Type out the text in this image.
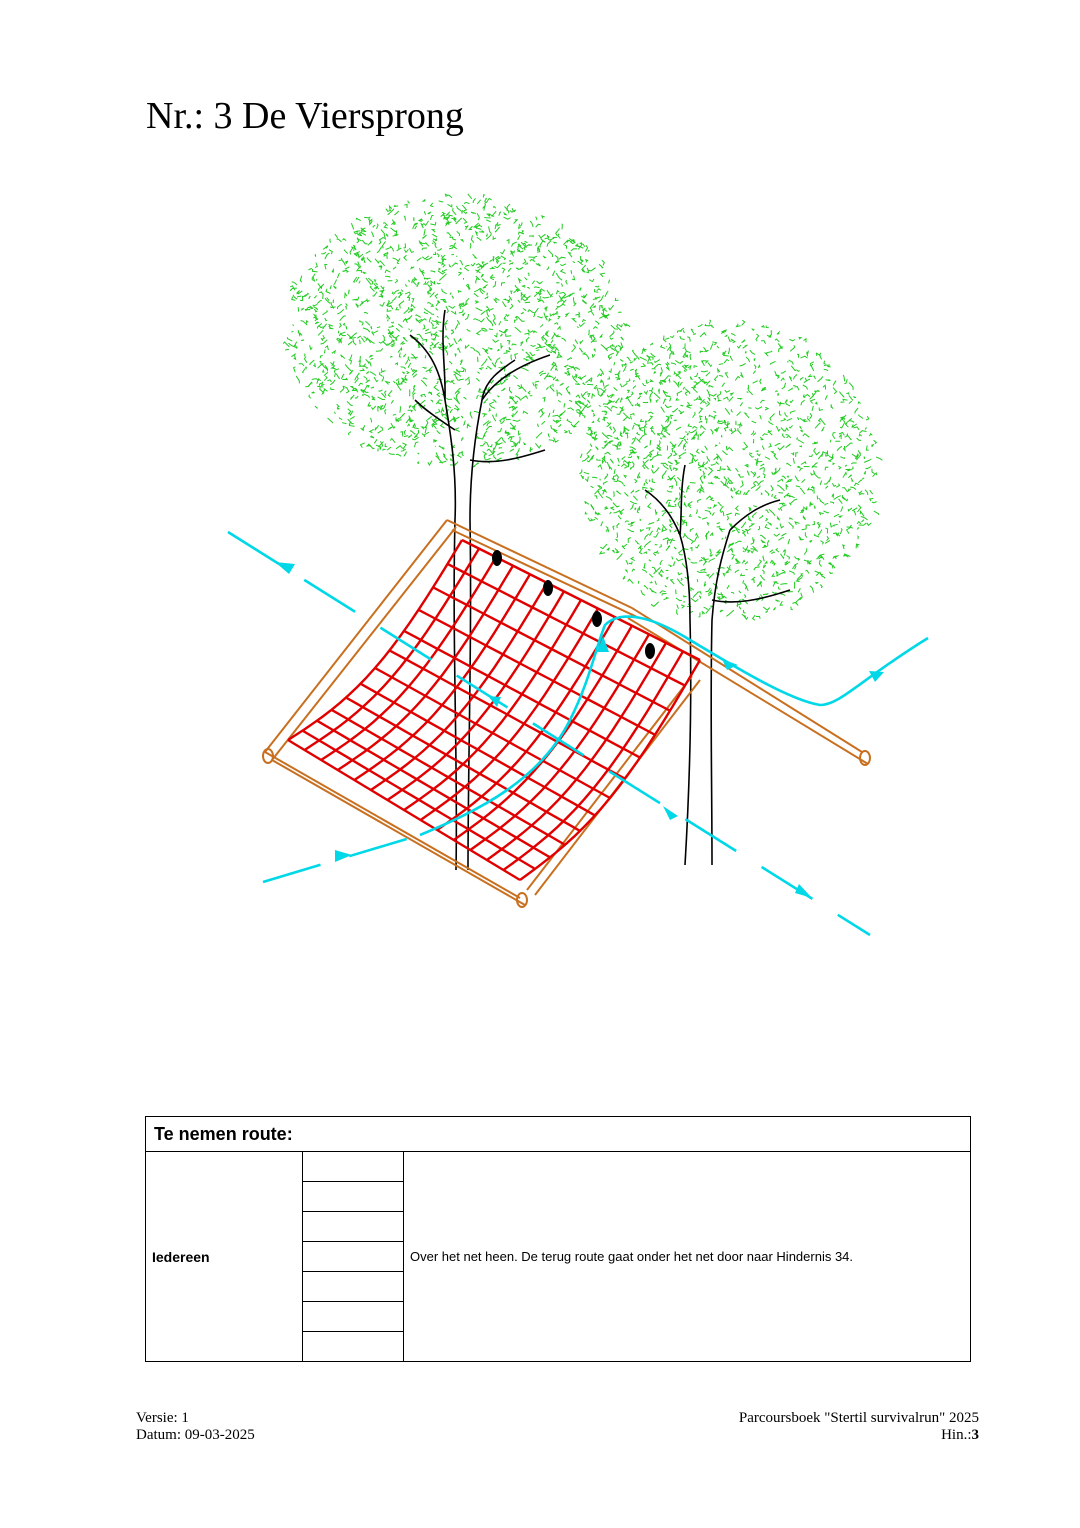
Nr.: 3 De Viersprong
Te nemen route:
Iedereen		Over het net heen. De terug route gaat onder het net door naar Hindernis 34.

Versie: 1
Datum: 09-03-2025
Parcoursboek "Stertil survivalrun" 2025
Hin.:3
